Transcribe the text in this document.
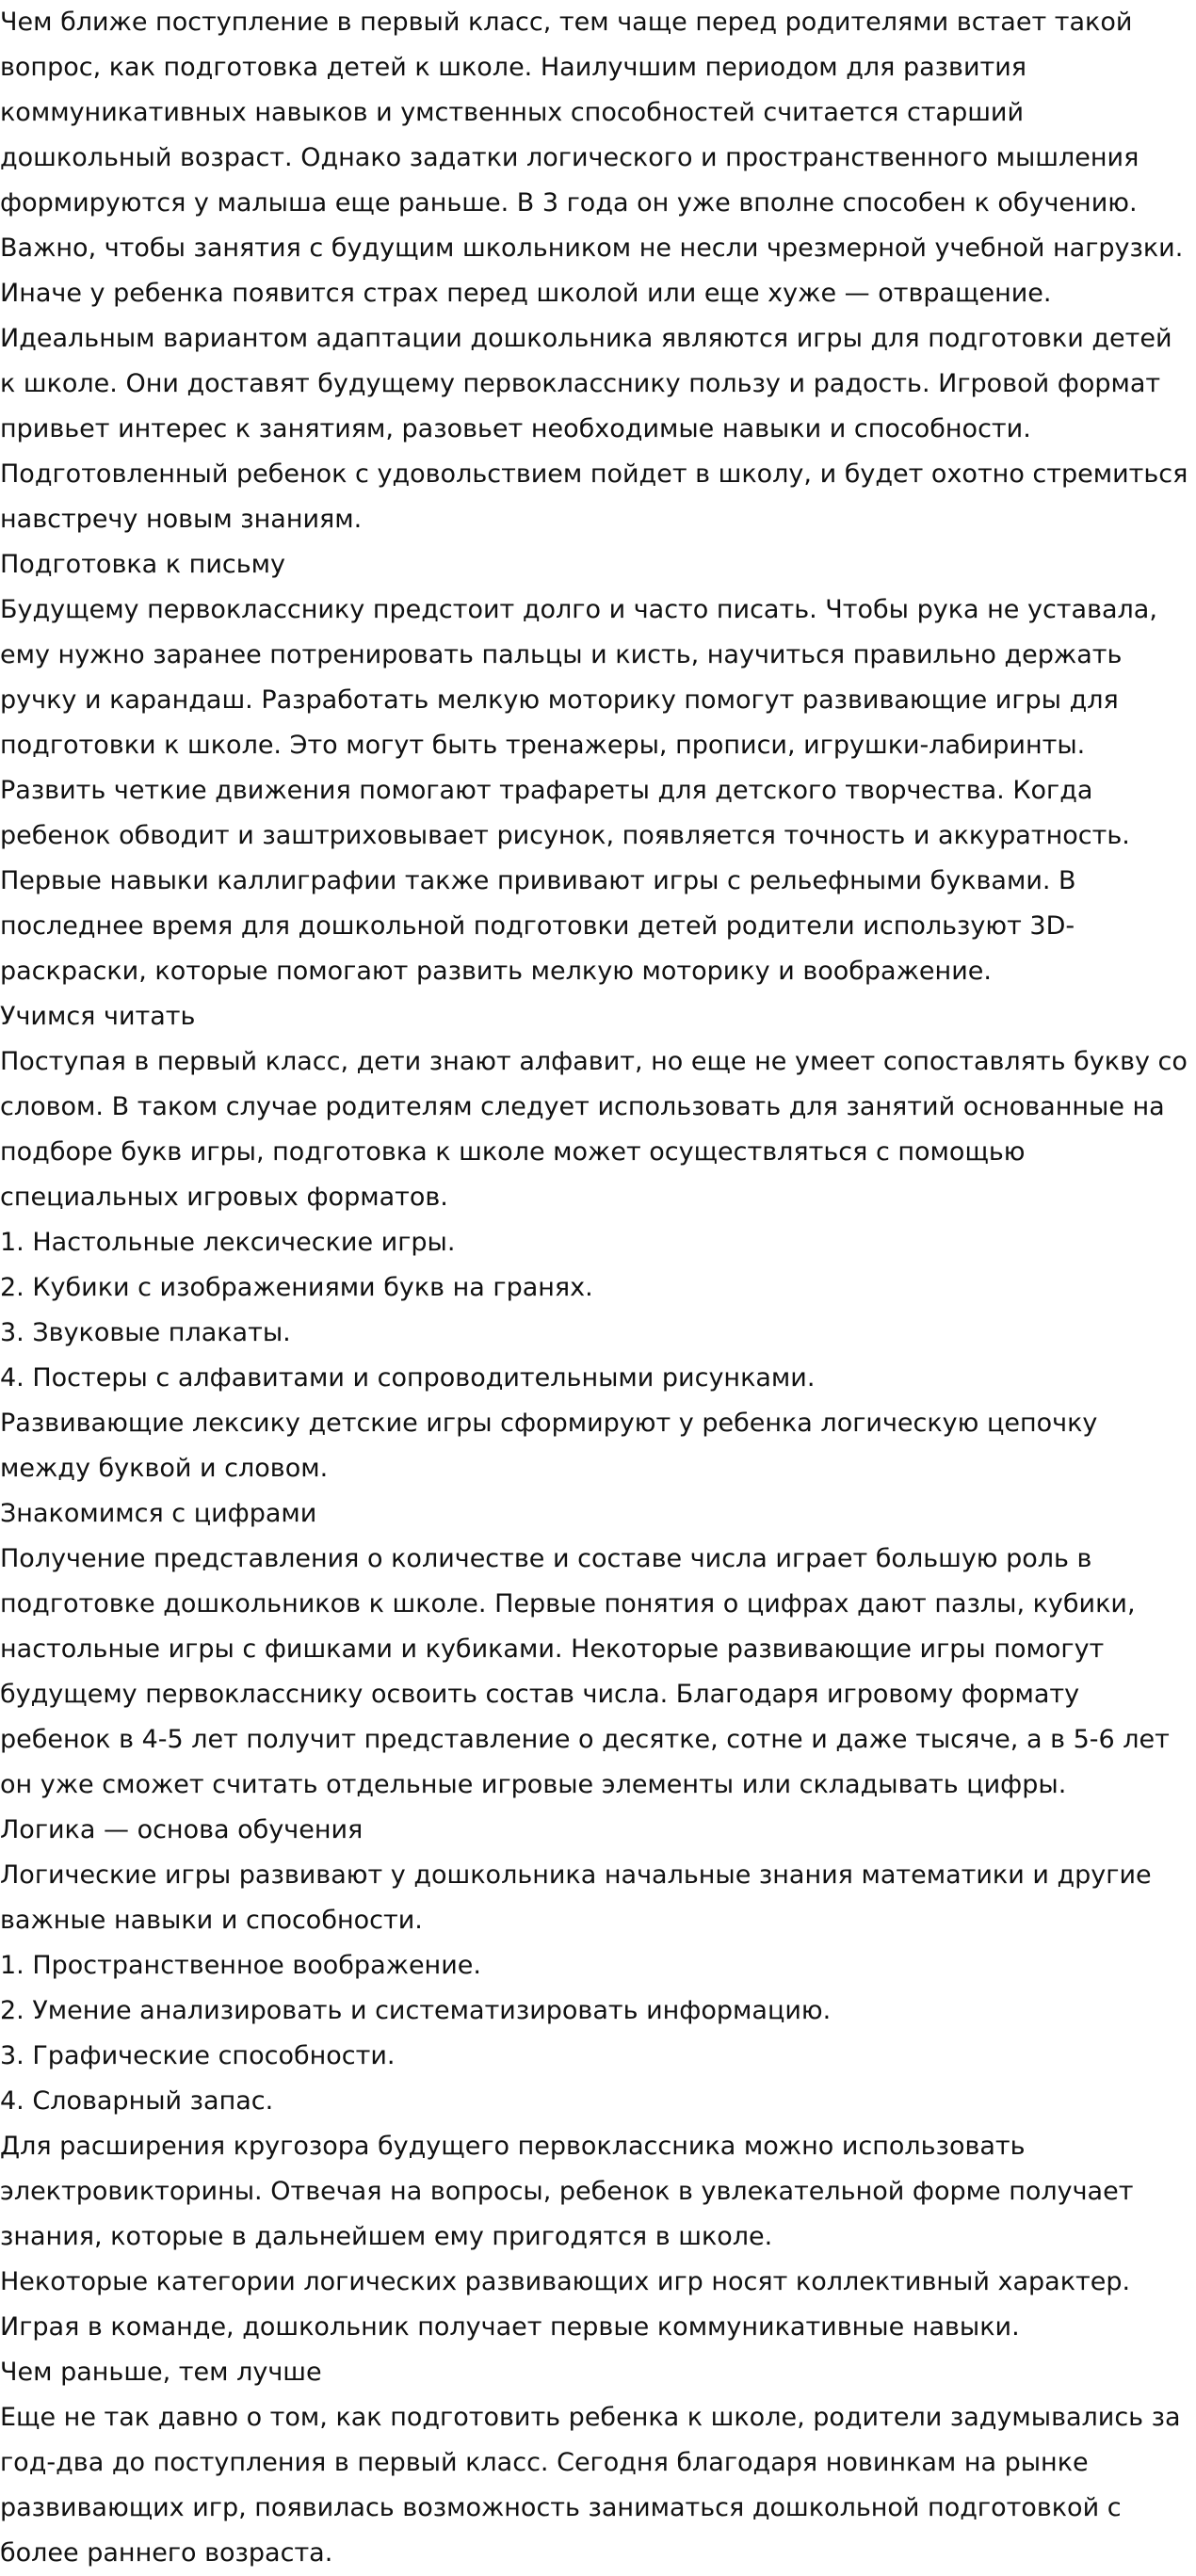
Чем ближе поступление в первый класс, тем чаще перед родителями встает такой вопрос, как подготовка детей к школе. Наилучшим периодом для развития коммуникативных навыков и умственных способностей считается старший дошкольный возраст. Однако задатки логического и пространственного мышления формируются у малыша еще раньше. В 3 года он уже вполне способен к обучению. Важно, чтобы занятия с будущим школьником не несли чрезмерной учебной нагрузки. Иначе у ребенка появится страх перед школой или еще хуже — отвращение.

Идеальным вариантом адаптации дошкольника являются игры для подготовки детей к школе. Они доставят будущему первокласснику пользу и радость. Игровой формат привьет интерес к занятиям, разовьет необходимые навыки и способности. Подготовленный ребенок с удовольствием пойдет в школу, и будет охотно стремиться навстречу новым знаниям.

Подготовка к письму

Будущему первокласснику предстоит долго и часто писать. Чтобы рука не уставала, ему нужно заранее потренировать пальцы и кисть, научиться правильно держать ручку и карандаш. Разработать мелкую моторику помогут развивающие игры для подготовки к школе. Это могут быть тренажеры, прописи, игрушки-лабиринты. Развить четкие движения помогают трафареты для детского творчества. Когда ребенок обводит и заштриховывает рисунок, появляется точность и аккуратность. Первые навыки каллиграфии также прививают игры с рельефными буквами. В последнее время для дошкольной подготовки детей родители используют 3D-раскраски, которые помогают развить мелкую моторику и воображение.

Учимся читать

Поступая в первый класс, дети знают алфавит, но еще не умеет сопоставлять букву со словом. В таком случае родителям следует использовать для занятий основанные на подборе букв игры, подготовка к школе может осуществляться с помощью специальных игровых форматов.

1. Настольные лексические игры.

2. Кубики с изображениями букв на гранях.

3. Звуковые плакаты.

4. Постеры с алфавитами и сопроводительными рисунками.

Развивающие лексику детские игры сформируют у ребенка логическую цепочку между буквой и словом.

Знакомимся с цифрами

Получение представления о количестве и составе числа играет большую роль в подготовке дошкольников к школе. Первые понятия о цифрах дают пазлы, кубики, настольные игры с фишками и кубиками. Некоторые развивающие игры помогут будущему первокласснику освоить состав числа. Благодаря игровому формату ребенок в 4-5 лет получит представление о десятке, сотне и даже тысяче, а в 5-6 лет он уже сможет считать отдельные игровые элементы или складывать цифры.

Логика — основа обучения

Логические игры развивают у дошкольника начальные знания математики и другие важные навыки и способности.

1. Пространственное воображение.

2. Умение анализировать и систематизировать информацию.

3. Графические способности.

4. Словарный запас.

Для расширения кругозора будущего первоклассника можно использовать электровикторины. Отвечая на вопросы, ребенок в увлекательной форме получает знания, которые в дальнейшем ему пригодятся в школе.

Некоторые категории логических развивающих игр носят коллективный характер. Играя в команде, дошкольник получает первые коммуникативные навыки.

Чем раньше, тем лучше

Еще не так давно о том, как подготовить ребенка к школе, родители задумывались за год-два до поступления в первый класс. Сегодня благодаря новинкам на рынке развивающих игр, появилась возможность заниматься дошкольной подготовкой с более раннего возраста.
